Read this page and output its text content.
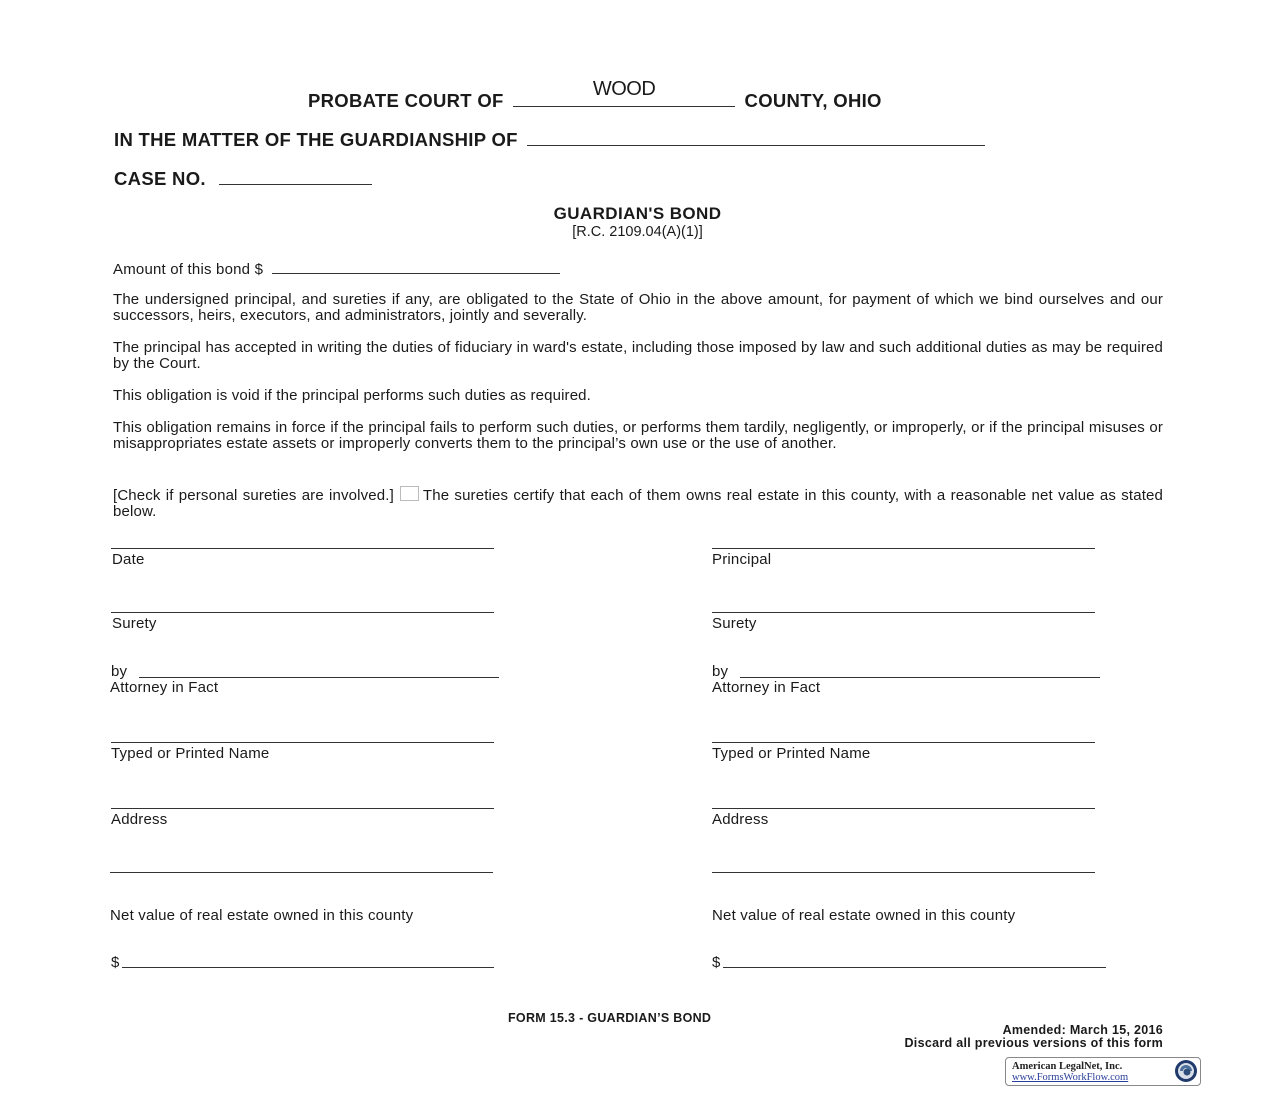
PROBATE COURT OF
WOOD
COUNTY, OHIO
IN THE MATTER OF THE GUARDIANSHIP OF
CASE NO.
GUARDIAN'S BOND
[R.C. 2109.04(A)(1)]
Amount of this bond $
The undersigned principal, and sureties if any, are obligated to the State of Ohio in the above amount, for payment of which we bind ourselves and our successors, heirs, executors, and administrators, jointly and severally.
The principal has accepted in writing the duties of fiduciary in ward's estate, including those imposed by law and such additional duties as may be required by the Court.
This obligation is void if the principal performs such duties as required.
This obligation remains in force if the principal fails to perform such duties, or performs them tardily, negligently, or improperly, or if the principal misuses or misappropriates estate assets or improperly converts them to the principal’s own use or the use of another.
[Check if personal sureties are involved.] The sureties certify that each of them owns real estate in this county, with a reasonable net value as stated below.
Date
Surety
by
Attorney in Fact
Typed or Printed Name
Address
Net value of real estate owned in this county
$
Principal
Surety
by
Attorney in Fact
Typed or Printed Name
Address
Net value of real estate owned in this county
$
FORM 15.3 - GUARDIAN’S BOND
Amended: March 15, 2016
Discard all previous versions of this form
American LegalNet, Inc.
www.FormsWorkFlow.com
